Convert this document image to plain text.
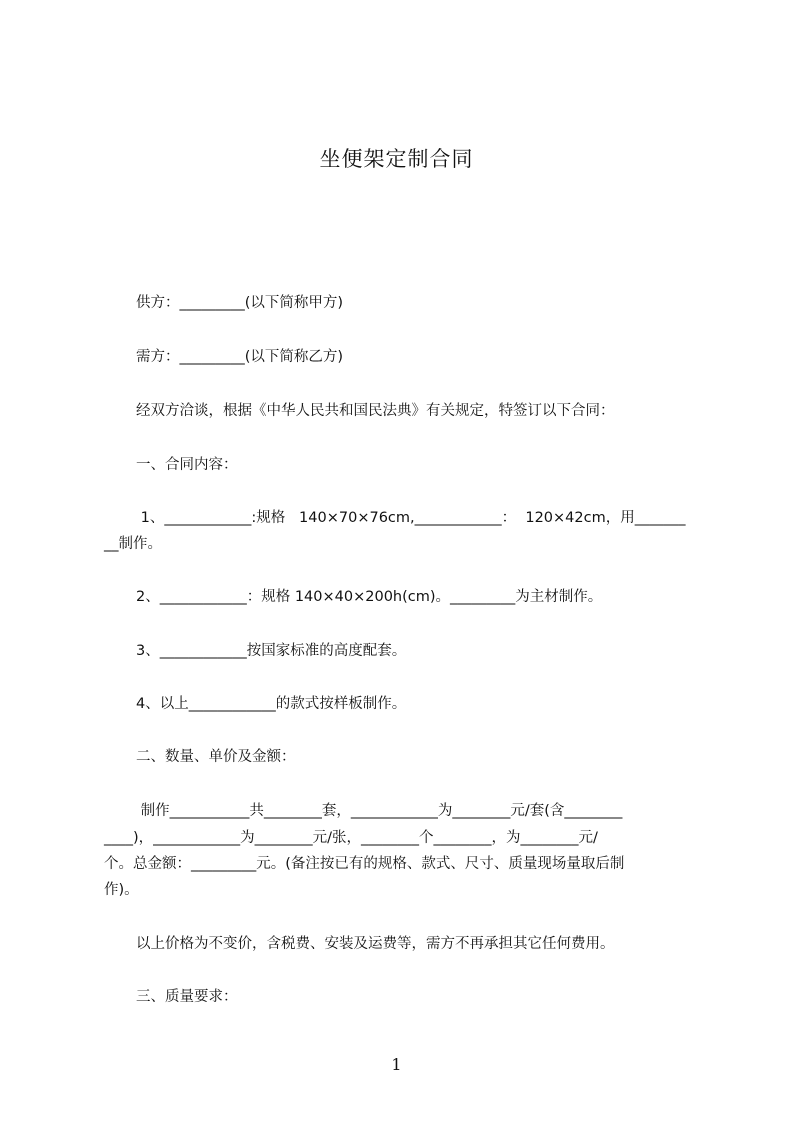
坐便架定制合同
供方：_________(以下简称甲方)
需方：_________(以下简称乙方)
经双方洽谈，根据《中华人民共和国民法典》有关规定，特签订以下合同：
一、合同内容：
1、____________:规格   140×70×76cm,____________：  120×42cm，用_______
__制作。
2、____________：规格 140×40×200h(cm)。_________为主材制作。
3、____________按国家标准的高度配套。
4、以上____________的款式按样板制作。
二、数量、单价及金额：
制作___________共________套，____________为________元/套(含________
____)，____________为________元/张，________个________，为________元/
个。总金额：_________元。(备注按已有的规格、款式、尺寸、质量现场量取后制
作)。
以上价格为不变价，含税费、安装及运费等，需方不再承担其它任何费用。
三、质量要求：
1
